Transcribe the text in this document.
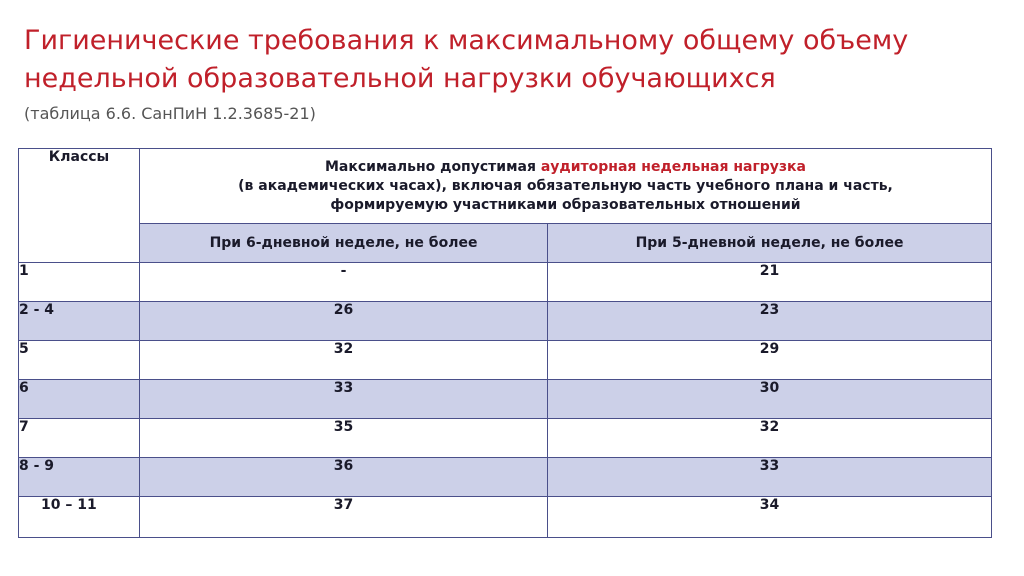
Гигиенические требования к максимальному общему объему недельной образовательной нагрузки обучающихся

(таблица 6.6. СанПиН 1.2.3685-21)

Классы	Максимально допустимая аудиторная недельная нагрузка
(в академических часах), включая обязательную часть учебного плана и часть,
формируемую участниками образовательных отношений	
	При 6-дневной неделе, не более	При 5-дневной неделе, не более
1	-	21
2 - 4	26	23
5	32	29
6	33	30
7	35	32
8 - 9	36	33
10 – 11	37	34
